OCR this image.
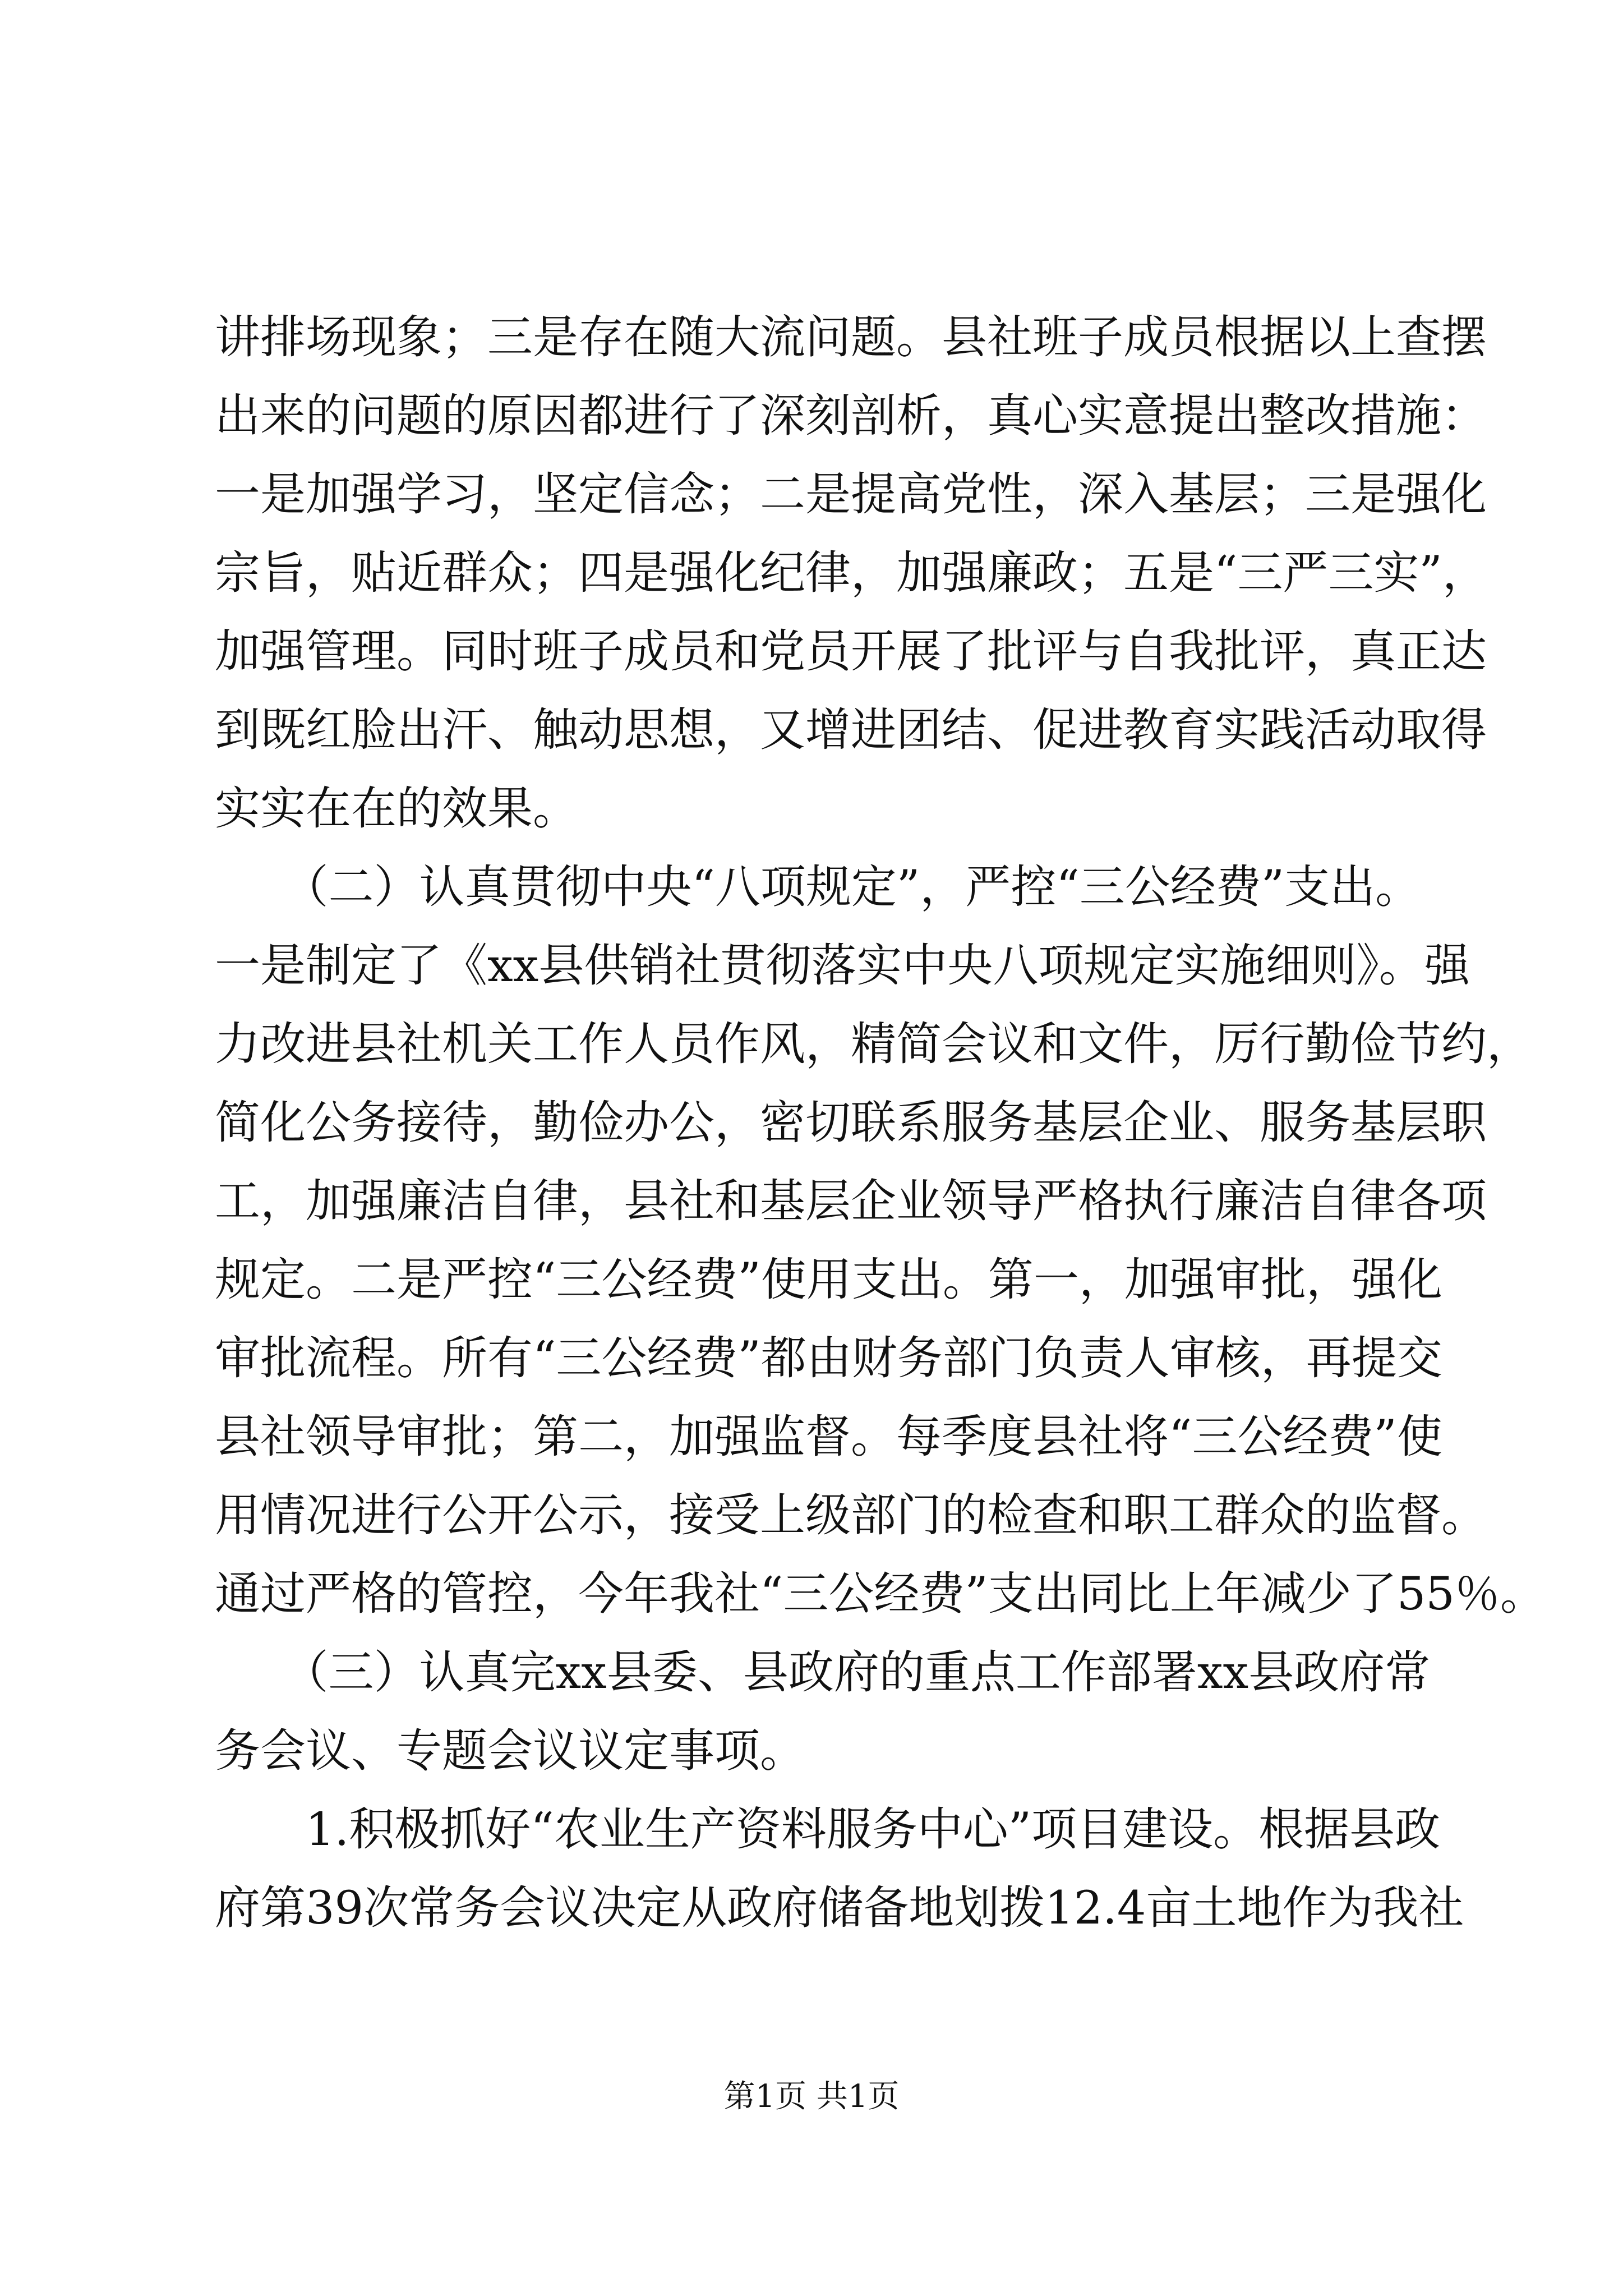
讲排场现象；三是存在随大流问题。县社班子成员根据以上查摆
出来的问题的原因都进行了深刻剖析，真心实意提出整改措施：
一是加强学习，坚定信念；二是提高党性，深入基层；三是强化
宗旨，贴近群众；四是强化纪律，加强廉政；五是“三严三实”，
加强管理。同时班子成员和党员开展了批评与自我批评，真正达
到既红脸出汗、触动思想，又增进团结、促进教育实践活动取得
实实在在的效果。
　　（二）认真贯彻中央“八项规定”，严控“三公经费”支出。
一是制定了《xx县供销社贯彻落实中央八项规定实施细则》。强
力改进县社机关工作人员作风，精简会议和文件，厉行勤俭节约，
简化公务接待，勤俭办公，密切联系服务基层企业、服务基层职
工，加强廉洁自律，县社和基层企业领导严格执行廉洁自律各项
规定。二是严控“三公经费”使用支出。第一，加强审批，强化
审批流程。所有“三公经费”都由财务部门负责人审核，再提交
县社领导审批；第二，加强监督。每季度县社将“三公经费”使
用情况进行公开公示，接受上级部门的检查和职工群众的监督。
通过严格的管控，今年我社“三公经费”支出同比上年减少了55％。
　　（三）认真完xx县委、县政府的重点工作部署xx县政府常
务会议、专题会议议定事项。
　　1.积极抓好“农业生产资料服务中心”项目建设。根据县政
府第39次常务会议决定从政府储备地划拨12.4亩土地作为我社
第1页 共1页
